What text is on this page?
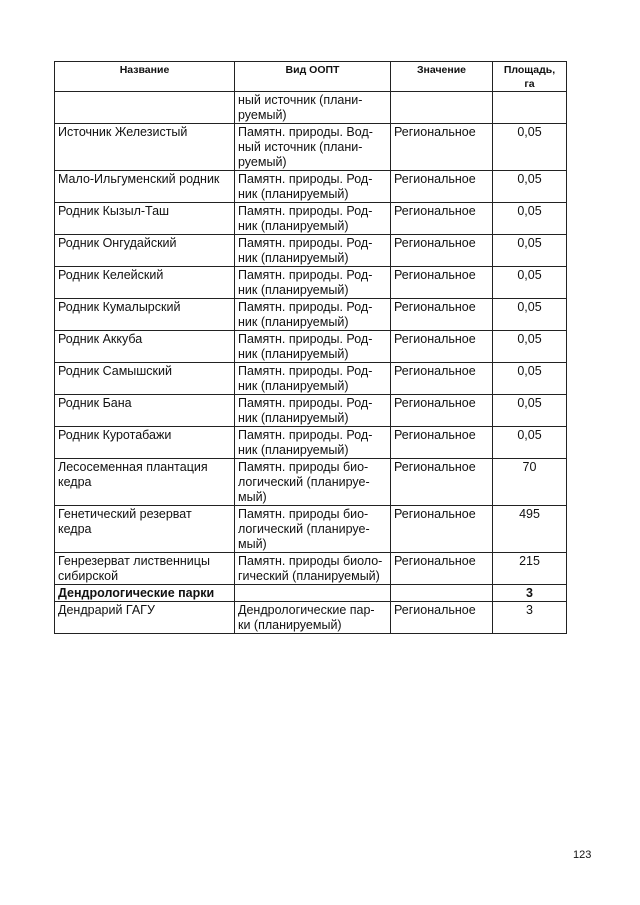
Название	Вид ООПТ	Значение	Площадь,
га
	ный источник (плани-
руемый)		
Источник Железистый	Памятн. природы. Вод-
ный источник (плани-
руемый)	Региональное	0,05
Мало-Ильгуменский родник	Памятн. природы. Род-
ник (планируемый)	Региональное	0,05
Родник Кызыл-Таш	Памятн. природы. Род-
ник (планируемый)	Региональное	0,05
Родник Онгудайский	Памятн. природы. Род-
ник (планируемый)	Региональное	0,05
Родник Келейский	Памятн. природы. Род-
ник (планируемый)	Региональное	0,05
Родник Кумалырский	Памятн. природы. Род-
ник (планируемый)	Региональное	0,05
Родник Аккуба	Памятн. природы. Род-
ник (планируемый)	Региональное	0,05
Родник Самышский	Памятн. природы. Род-
ник (планируемый)	Региональное	0,05
Родник Бана	Памятн. природы. Род-
ник (планируемый)	Региональное	0,05
Родник Куротабажи	Памятн. природы. Род-
ник (планируемый)	Региональное	0,05
Лесосеменная плантация
кедра	Памятн. природы био-
логический (планируе-
мый)	Региональное	70
Генетический резерват
кедра	Памятн. природы био-
логический (планируе-
мый)	Региональное	495
Генрезерват лиственницы
сибирской	Памятн. природы биоло-
гический (планируемый)	Региональное	215
Дендрологические парки			3
Дендрарий ГАГУ	Дендрологические пар-
ки (планируемый)	Региональное	3
123
